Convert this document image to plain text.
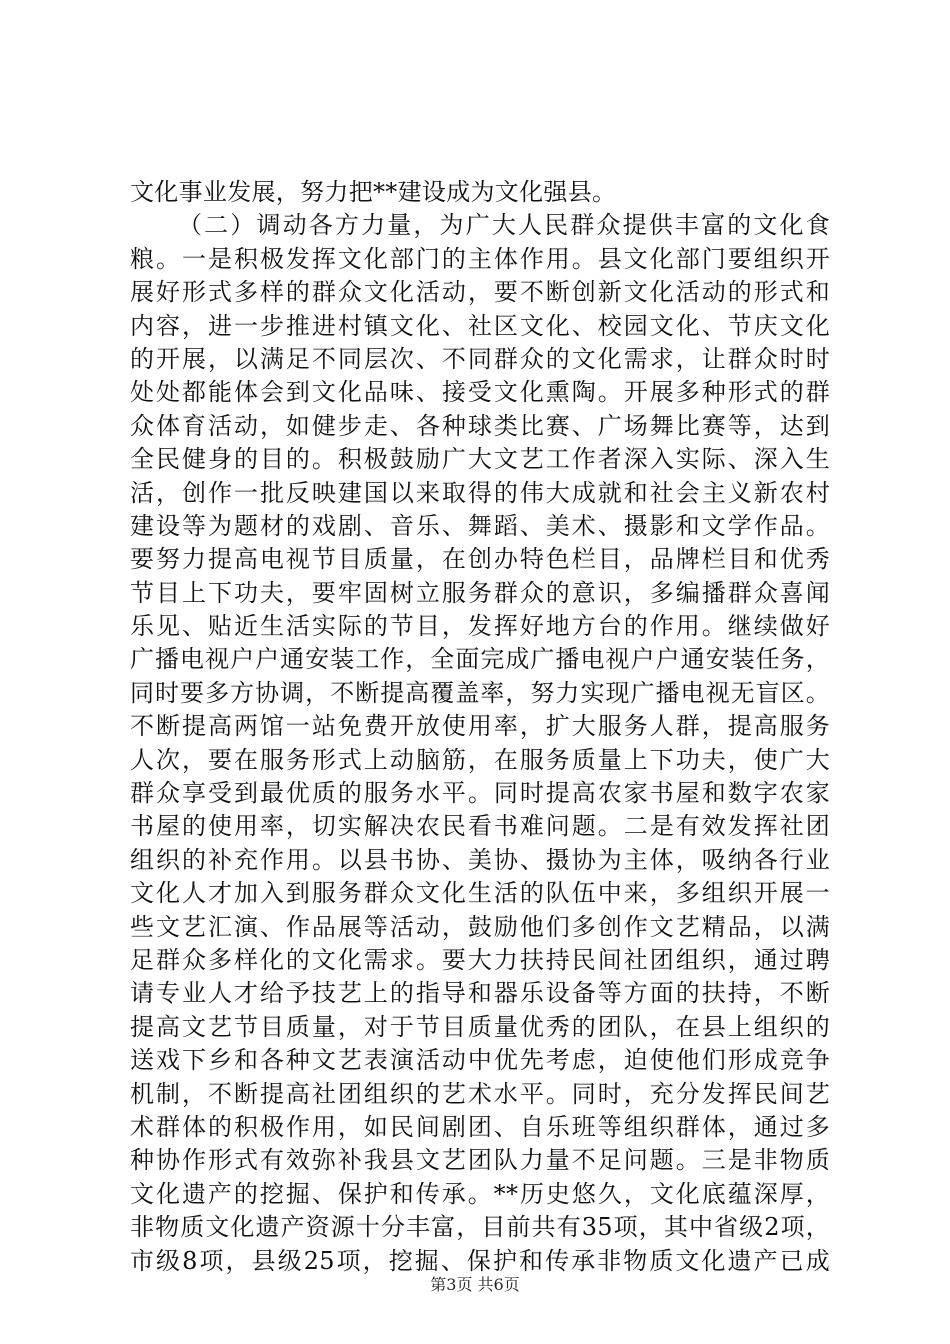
文化事业发展，努力把**建设成为文化强县。
（二）调动各方力量，为广大人民群众提供丰富的文化食
粮。一是积极发挥文化部门的主体作用。县文化部门要组织开
展好形式多样的群众文化活动，要不断创新文化活动的形式和
内容，进一步推进村镇文化、社区文化、校园文化、节庆文化
的开展，以满足不同层次、不同群众的文化需求，让群众时时
处处都能体会到文化品味、接受文化熏陶。开展多种形式的群
众体育活动，如健步走、各种球类比赛、广场舞比赛等，达到
全民健身的目的。积极鼓励广大文艺工作者深入实际、深入生
活，创作一批反映建国以来取得的伟大成就和社会主义新农村
建设等为题材的戏剧、音乐、舞蹈、美术、摄影和文学作品。
要努力提高电视节目质量，在创办特色栏目，品牌栏目和优秀
节目上下功夫，要牢固树立服务群众的意识，多编播群众喜闻
乐见、贴近生活实际的节目，发挥好地方台的作用。继续做好
广播电视户户通安装工作，全面完成广播电视户户通安装任务，
同时要多方协调，不断提高覆盖率，努力实现广播电视无盲区。
不断提高两馆一站免费开放使用率，扩大服务人群，提高服务
人次，要在服务形式上动脑筋，在服务质量上下功夫，使广大
群众享受到最优质的服务水平。同时提高农家书屋和数字农家
书屋的使用率，切实解决农民看书难问题。二是有效发挥社团
组织的补充作用。以县书协、美协、摄协为主体，吸纳各行业
文化人才加入到服务群众文化生活的队伍中来，多组织开展一
些文艺汇演、作品展等活动，鼓励他们多创作文艺精品，以满
足群众多样化的文化需求。要大力扶持民间社团组织，通过聘
请专业人才给予技艺上的指导和器乐设备等方面的扶持，不断
提高文艺节目质量，对于节目质量优秀的团队，在县上组织的
送戏下乡和各种文艺表演活动中优先考虑，迫使他们形成竞争
机制，不断提高社团组织的艺术水平。同时，充分发挥民间艺
术群体的积极作用，如民间剧团、自乐班等组织群体，通过多
种协作形式有效弥补我县文艺团队力量不足问题。三是非物质
文化遗产的挖掘、保护和传承。**历史悠久，文化底蕴深厚，
非物质文化遗产资源十分丰富，目前共有35项，其中省级2项，
市级8项，县级25项，挖掘、保护和传承非物质文化遗产已成
第3页 共6页
